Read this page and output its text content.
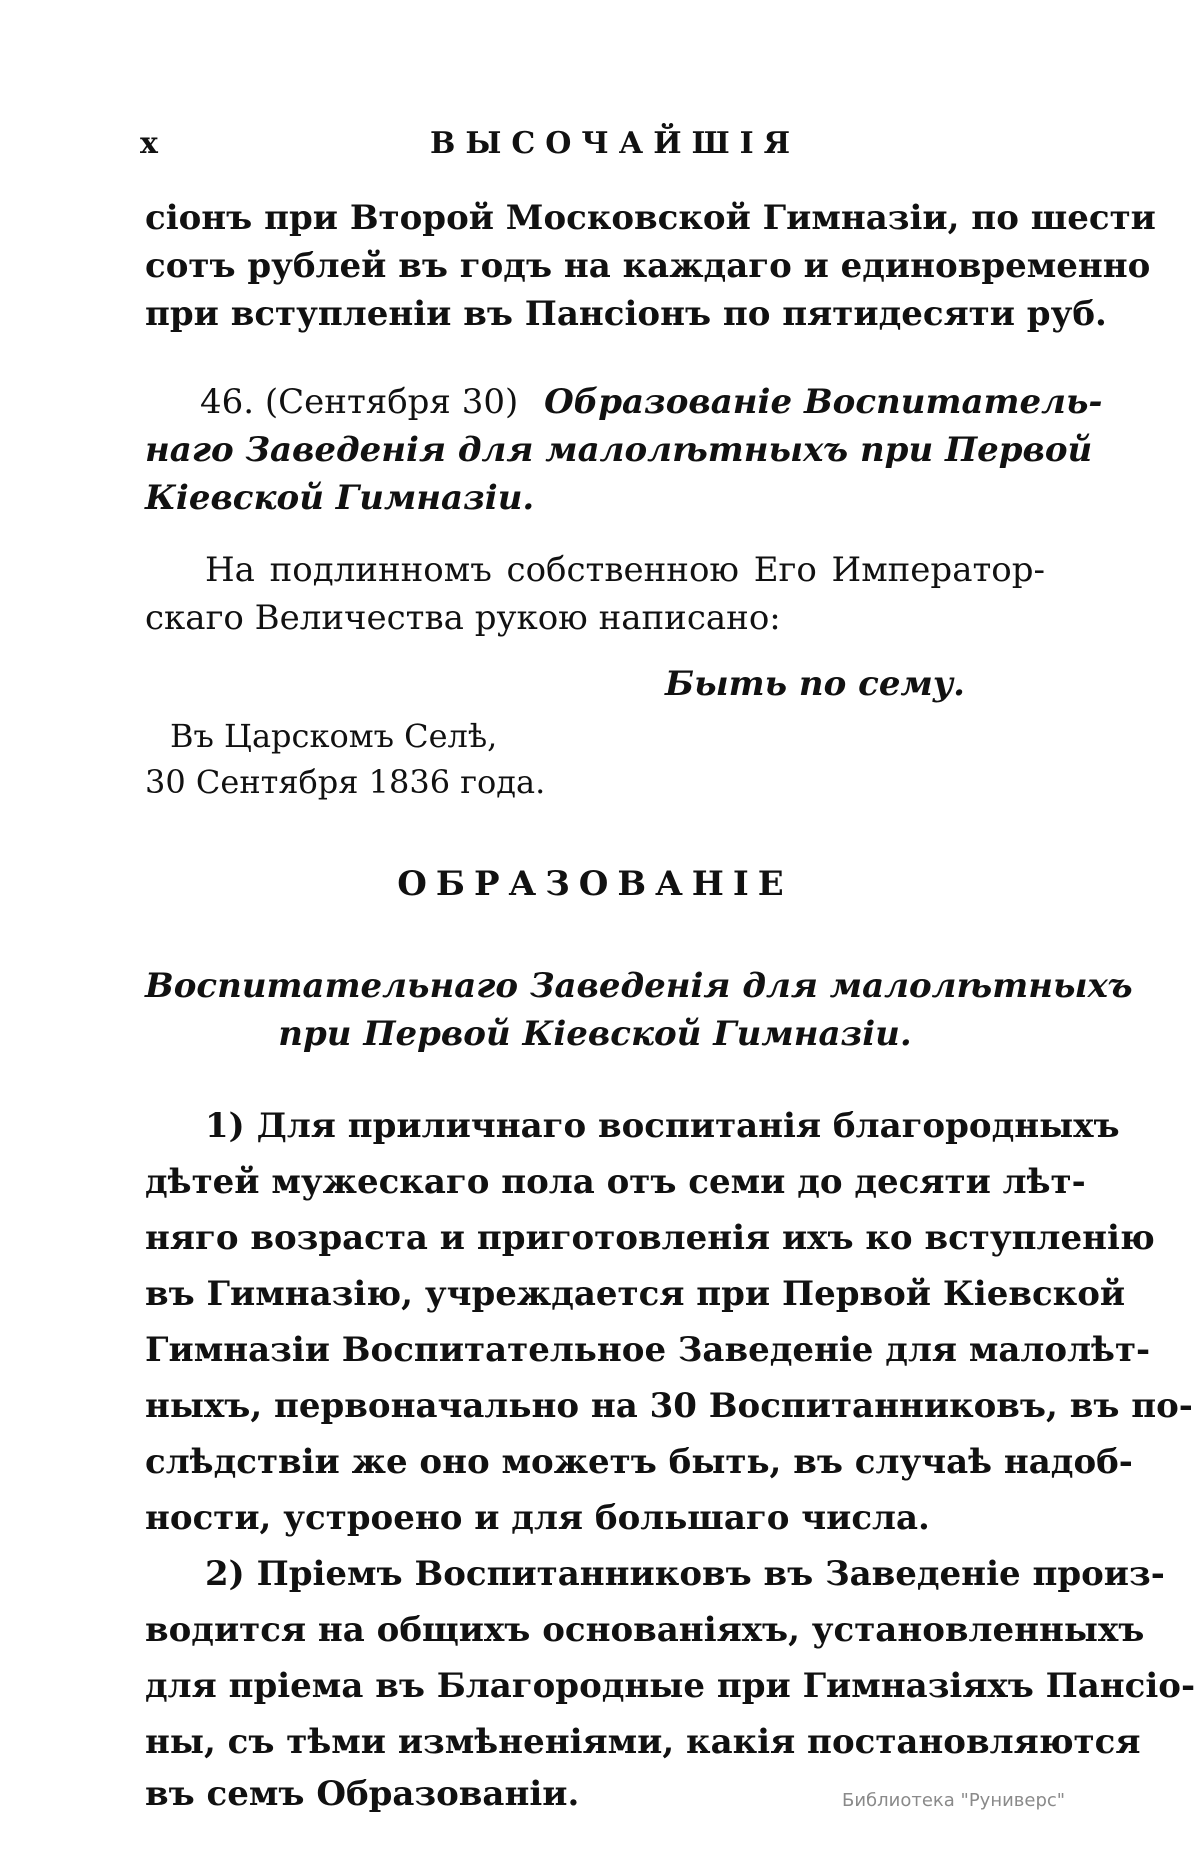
x	ВЫСОЧАЙШІЯ
сіонъ при Второй Московской Гимназіи, по шести
сотъ рублей въ годъ на каждаго и единовременно
при вступленіи въ Пансіонъ по пятидесяти руб.
46. (Сентября 30) Образованіе Воспитатель-
наго Заведенія для малолѣтныхъ при Первой
Кіевской Гимназіи.
На подлинномъ собственною Его Император-
скаго Величества рукою написано:
Быть по сему.
Въ Царскомъ Селѣ,
30 Сентября 1836 года.
ОБРАЗОВАНІЕ
Воспитательнаго Заведенія для малолѣтныхъ
при Первой Кіевской Гимназіи.
1) Для приличнаго воспитанія благородныхъ
дѣтей мужескаго пола отъ семи до десяти лѣт-
няго возраста и приготовленія ихъ ко вступленію
въ Гимназію, учреждается при Первой Кіевской
Гимназіи Воспитательное Заведеніе для малолѣт-
ныхъ, первоначально на 30 Воспитанниковъ, въ по-
слѣдствіи же оно можетъ быть, въ случаѣ надоб-
ности, устроено и для большаго числа.
2) Пріемъ Воспитанниковъ въ Заведеніе произ-
водится на общихъ основаніяхъ, установленныхъ
для пріема въ Благородные при Гимназіяхъ Пансіо-
ны, съ тѣми измѣненіями, какія постановляются
въ семъ Образованіи.	Библиотека "Руниверс"
